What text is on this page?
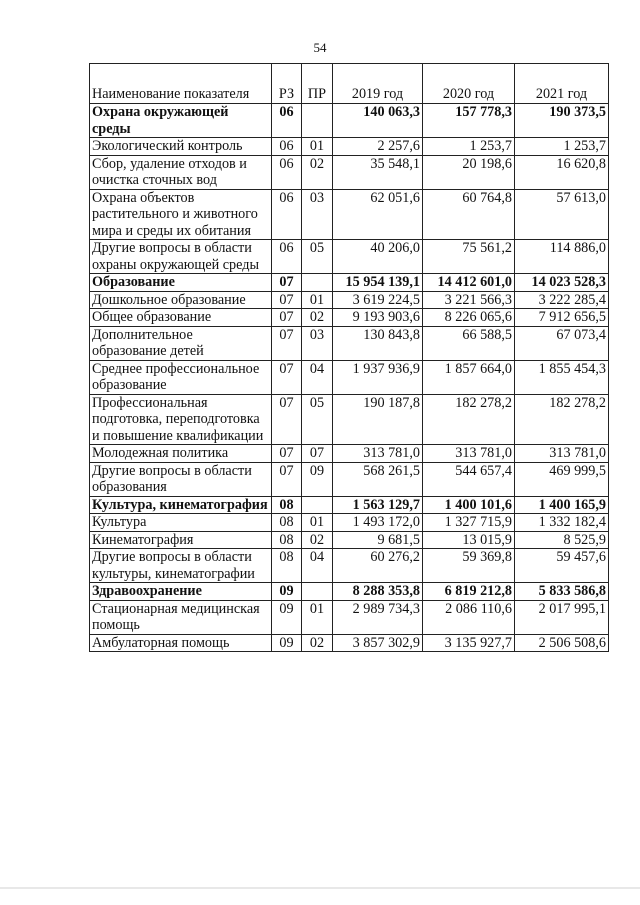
54
Наименование показателя	РЗ	ПР	2019 год	2020 год	2021 год
Охрана окружающей среды	06		140 063,3	157 778,3	190 373,5
Экологический контроль	06	01	2 257,6	1 253,7	1 253,7
Сбор, удаление отходов и очистка сточных вод	06	02	35 548,1	20 198,6	16 620,8
Охрана объектов растительного и животного мира и среды их обитания	06	03	62 051,6	60 764,8	57 613,0
Другие вопросы в области охраны окружающей среды	06	05	40 206,0	75 561,2	114 886,0
Образование	07		15 954 139,1	14 412 601,0	14 023 528,3
Дошкольное образование	07	01	3 619 224,5	3 221 566,3	3 222 285,4
Общее образование	07	02	9 193 903,6	8 226 065,6	7 912 656,5
Дополнительное образование детей	07	03	130 843,8	66 588,5	67 073,4
Среднее профессиональное образование	07	04	1 937 936,9	1 857 664,0	1 855 454,3
Профессиональная подготовка, переподготовка и повышение квалификации	07	05	190 187,8	182 278,2	182 278,2
Молодежная политика	07	07	313 781,0	313 781,0	313 781,0
Другие вопросы в области образования	07	09	568 261,5	544 657,4	469 999,5
Культура, кинематография	08		1 563 129,7	1 400 101,6	1 400 165,9
Культура	08	01	1 493 172,0	1 327 715,9	1 332 182,4
Кинематография	08	02	9 681,5	13 015,9	8 525,9
Другие вопросы в области культуры, кинематографии	08	04	60 276,2	59 369,8	59 457,6
Здравоохранение	09		8 288 353,8	6 819 212,8	5 833 586,8
Стационарная медицинская помощь	09	01	2 989 734,3	2 086 110,6	2 017 995,1
Амбулаторная помощь	09	02	3 857 302,9	3 135 927,7	2 506 508,6
